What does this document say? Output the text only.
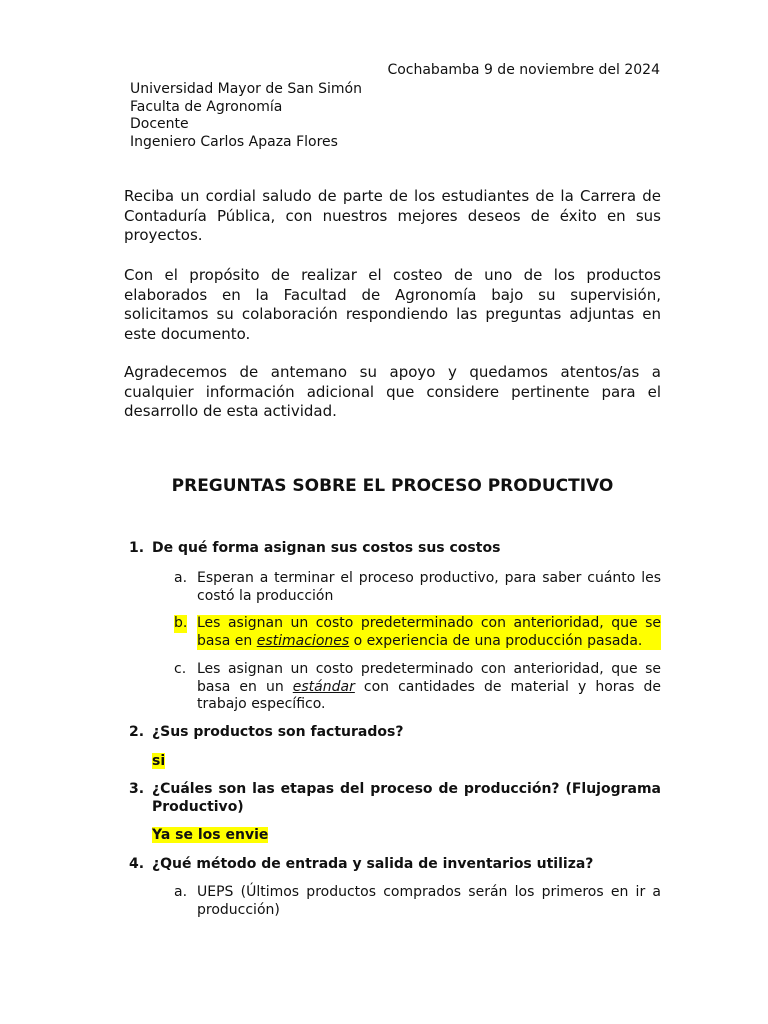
Cochabamba 9 de noviembre del 2024
Universidad Mayor de San Simón
Faculta de Agronomía
Docente
Ingeniero Carlos Apaza Flores

Reciba un cordial saludo de parte de los estudiantes de la Carrera de Contaduría Pública, con nuestros mejores deseos de éxito en sus proyectos.

Con el propósito de realizar el costeo de uno de los productos elaborados en la Facultad de Agronomía bajo su supervisión, solicitamos su colaboración respondiendo las preguntas adjuntas en este documento.

Agradecemos de antemano su apoyo y quedamos atentos/as a cualquier información adicional que considere pertinente para el desarrollo de esta actividad.

PREGUNTAS SOBRE EL PROCESO PRODUCTIVO
1. De qué forma asignan sus costos sus costos
a. Esperan a terminar el proceso productivo, para saber cuánto les costó la producción
b. Les asignan un costo predeterminado con anterioridad, que se basa en estimaciones o experiencia de una producción pasada.
c. Les asignan un costo predeterminado con anterioridad, que se basa en un estándar con cantidades de material y horas de trabajo específico.
2. ¿Sus productos son facturados?
si
3. ¿Cuáles son las etapas del proceso de producción? (Flujograma Productivo)
Ya se los envie
4. ¿Qué método de entrada y salida de inventarios utiliza?
a. UEPS (Últimos productos comprados serán los primeros en ir a producción)
